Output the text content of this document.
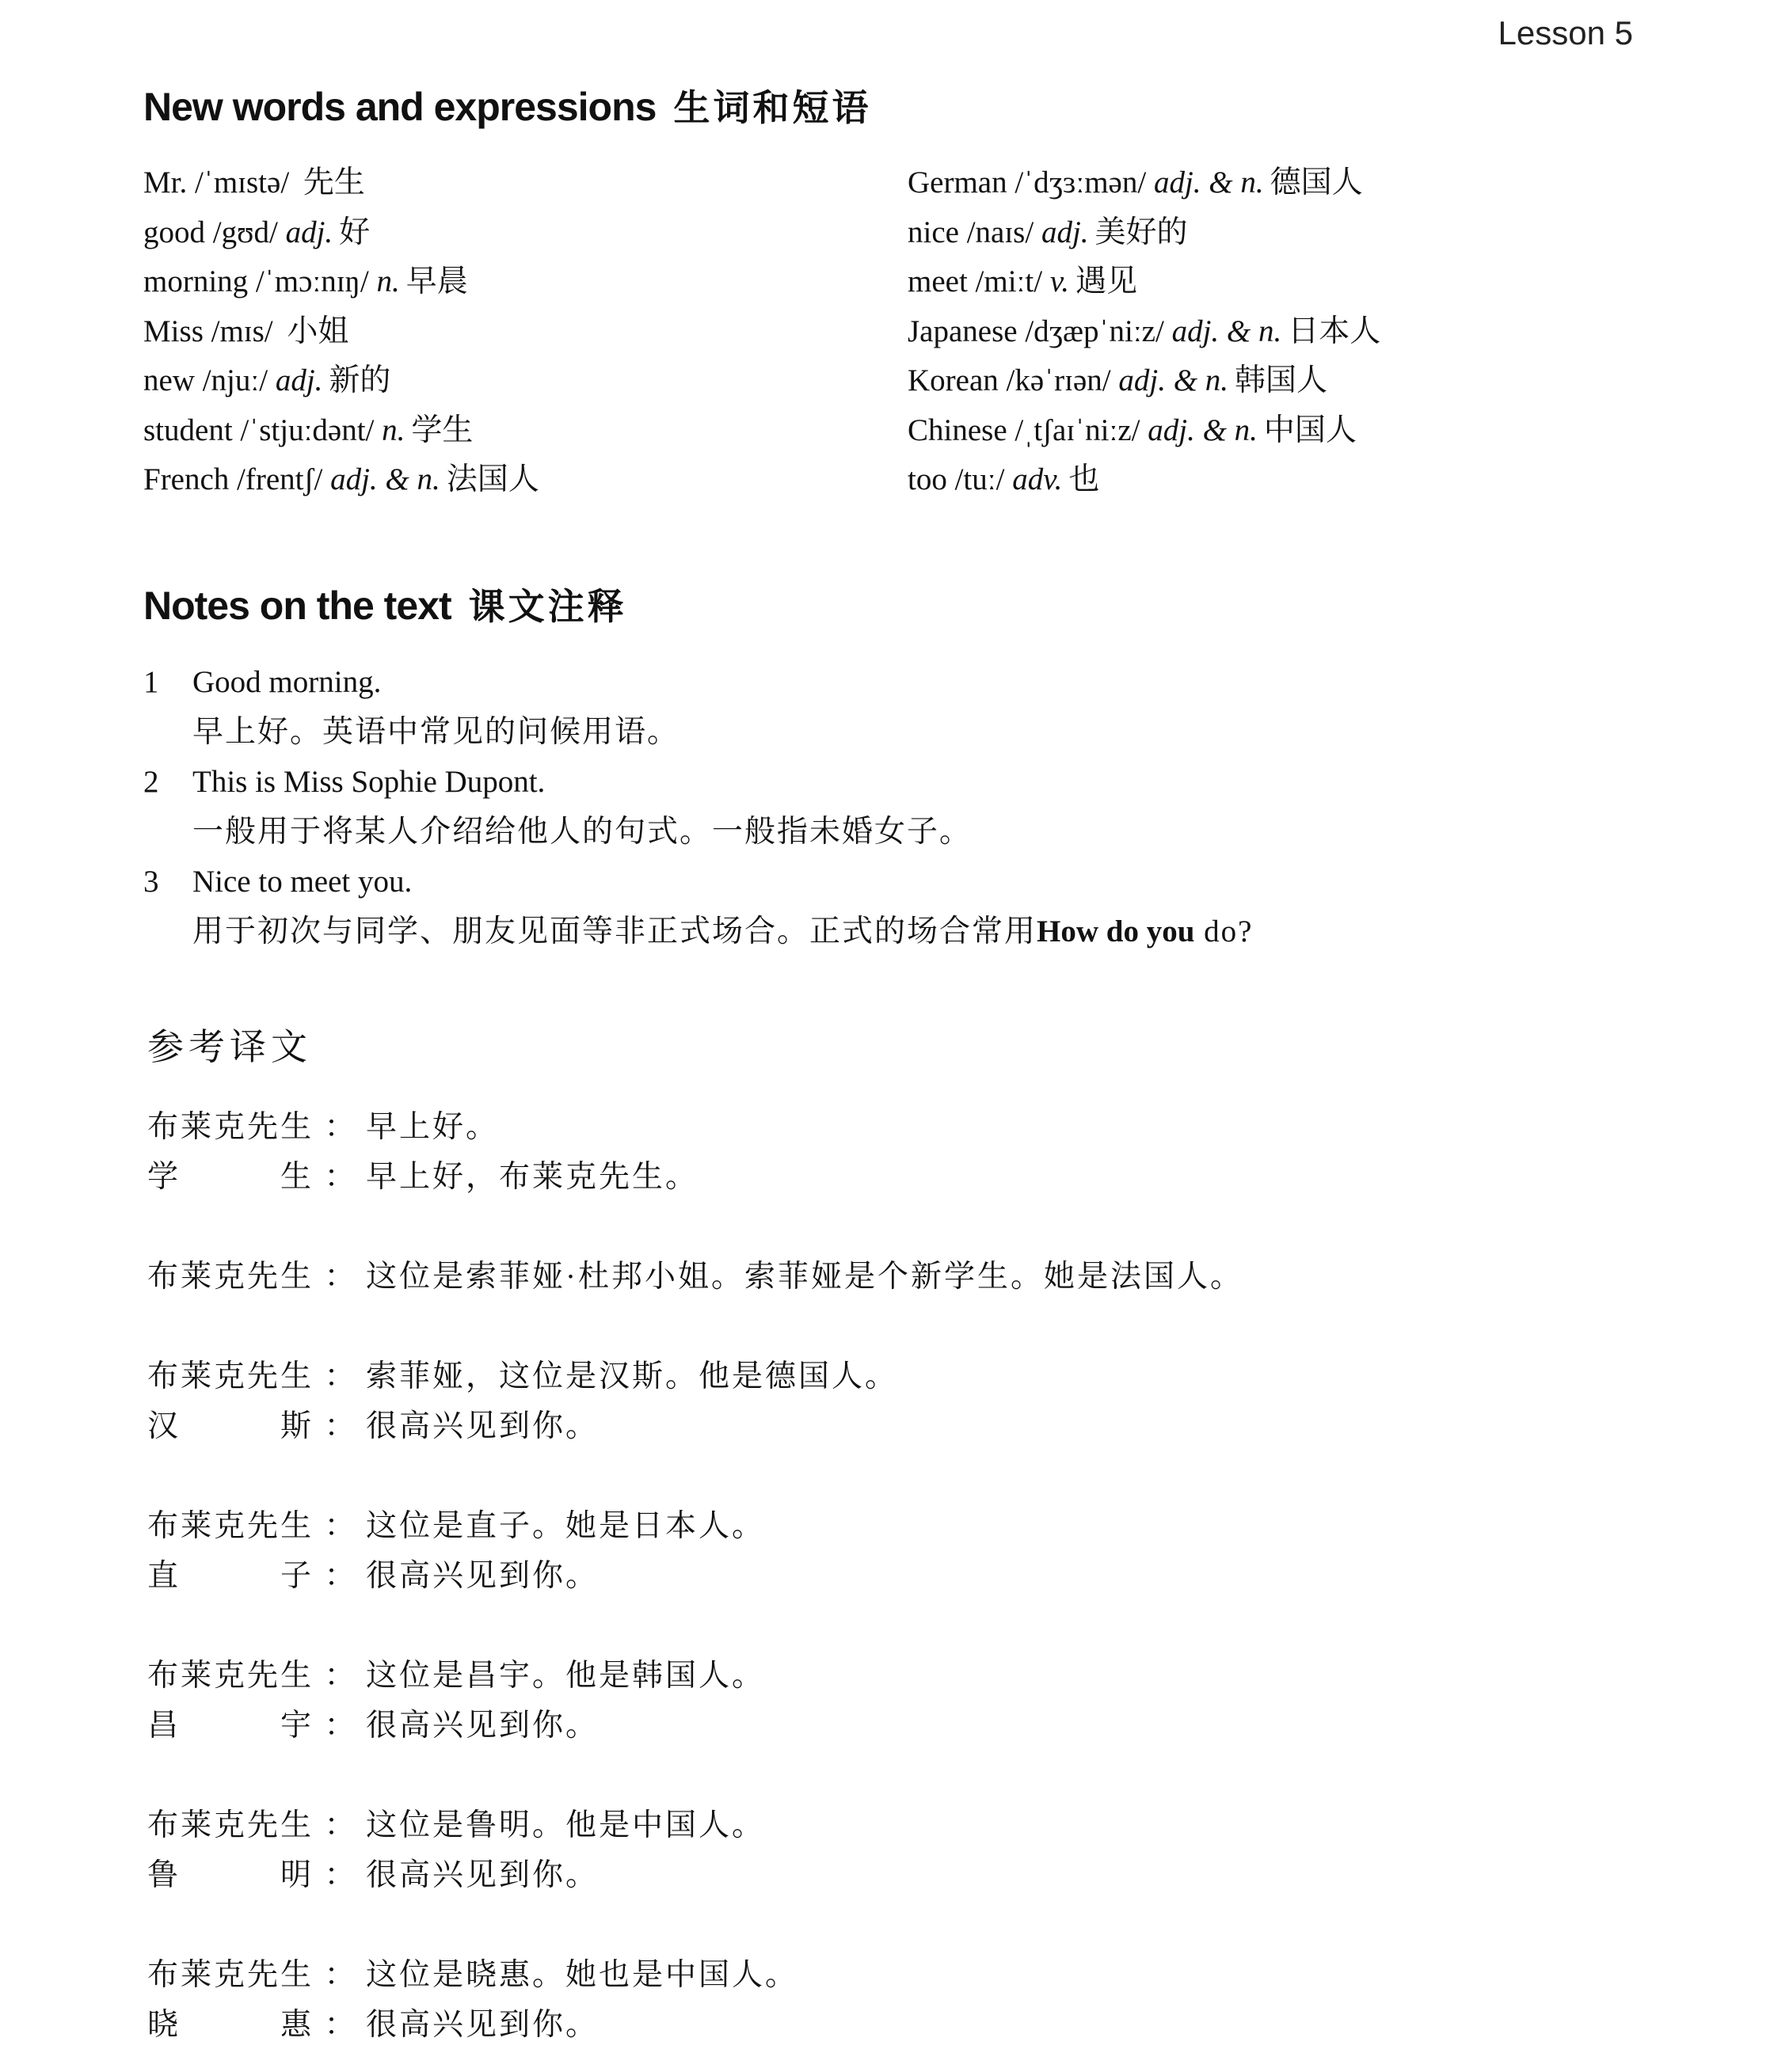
Lesson 5
New words and expressions 生词和短语
Mr. /ˈmɪstə/ 先生
good /gʊd/ adj. 好
morning /ˈmɔːnɪŋ/ n. 早晨
Miss /mɪs/ 小姐
new /njuː/ adj. 新的
student /ˈstjuːdənt/ n. 学生
French /frentʃ/ adj. & n. 法国人
German /ˈdʒɜːmən/ adj. & n. 德国人
nice /naɪs/ adj. 美好的
meet /miːt/ v. 遇见
Japanese /dʒæpˈniːz/ adj. & n. 日本人
Korean /kəˈrɪən/ adj. & n. 韩国人
Chinese /ˌtʃaɪˈniːz/ adj. & n. 中国人
too /tuː/ adv. 也
Notes on the text 课文注释
1 Good morning.
早上好。英语中常见的问候用语。
2 This is Miss Sophie Dupont.
一般用于将某人介绍给他人的句式。一般指未婚女子。
3 Nice to meet you.
用于初次与同学、朋友见面等非正式场合。正式的场合常用How do you do?
参考译文
布 莱 克 先 生 ： 早上好。
学	生 ： 早上好，布莱克先生。
布 莱 克 先 生 ： 这位是索菲娅·杜邦小姐。索菲娅是个新学生。她是法国人。
布 莱 克 先 生 ： 索菲娅，这位是汉斯。他是德国人。
汉	斯 ： 很高兴见到你。
布 莱 克 先 生 ： 这位是直子。她是日本人。
直	子 ： 很高兴见到你。
布 莱 克 先 生 ： 这位是昌宇。他是韩国人。
昌	宇 ： 很高兴见到你。
布 莱 克 先 生 ： 这位是鲁明。他是中国人。
鲁	明 ： 很高兴见到你。
布 莱 克 先 生 ： 这位是晓惠。她也是中国人。
晓	惠 ： 很高兴见到你。
